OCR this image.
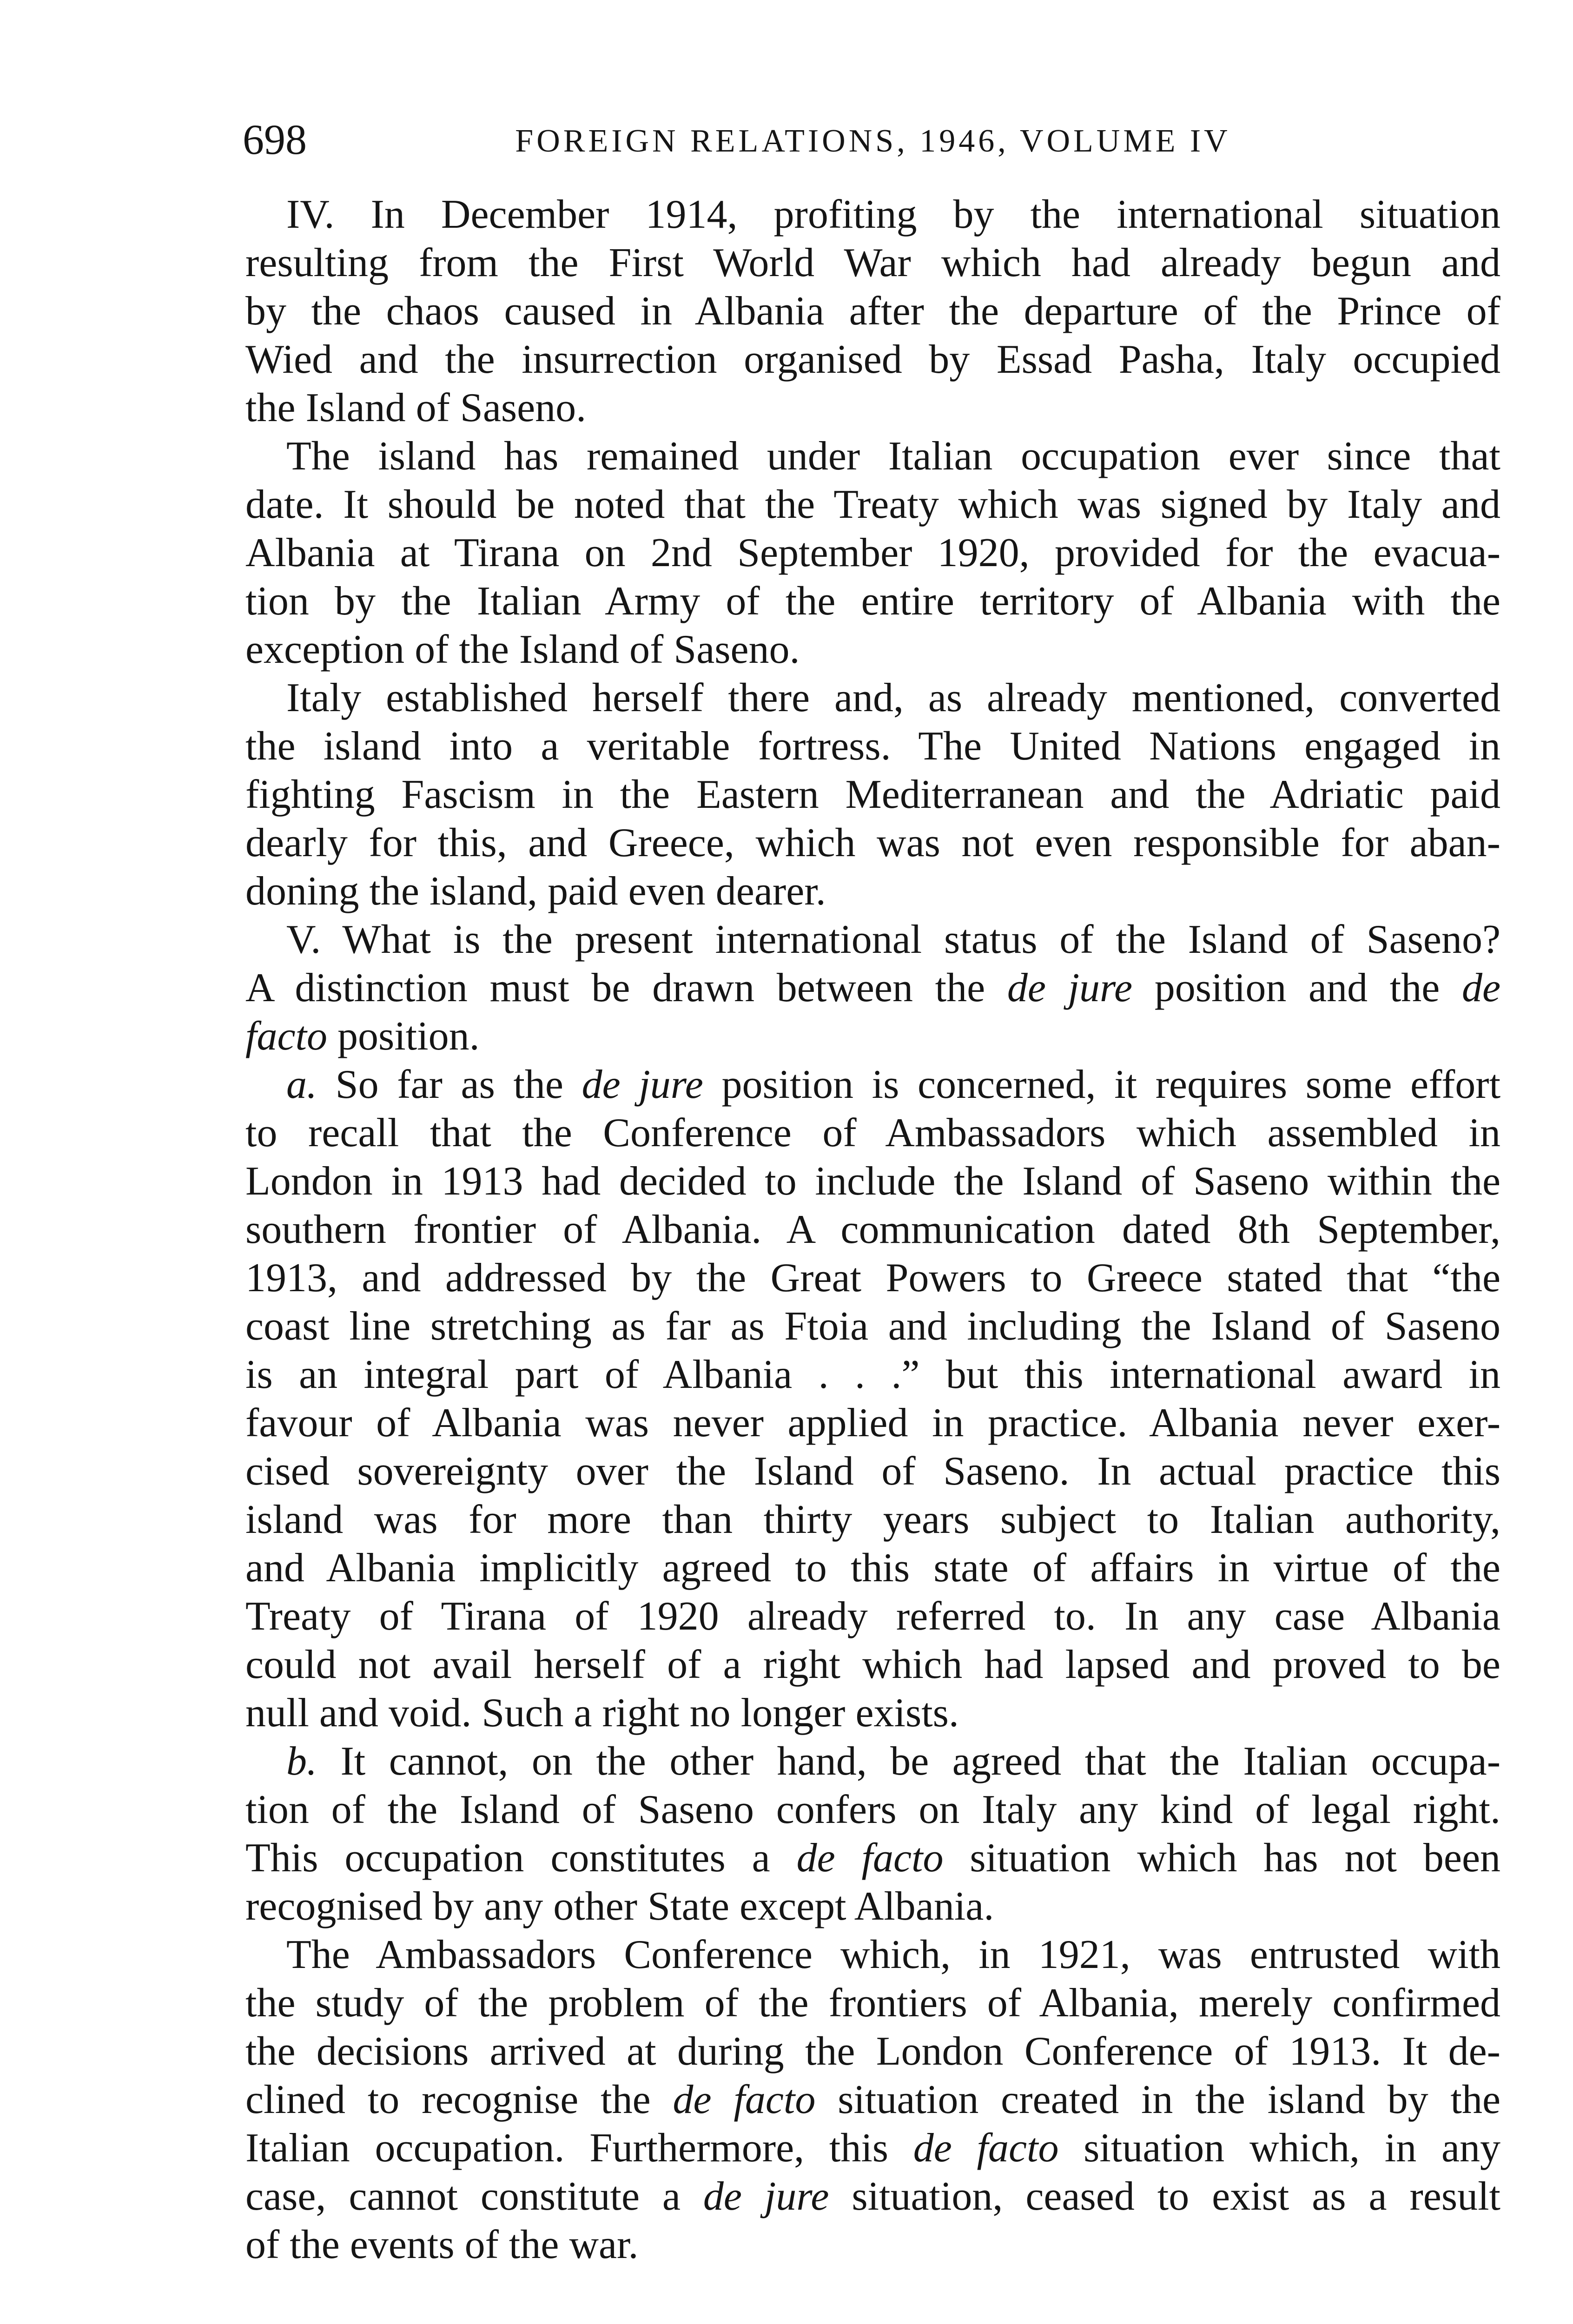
698	FOREIGN RELATIONS, 1946, VOLUME IV
IV. In December 1914, profiting by the international situation
resulting from the First World War which had already begun and
by the chaos caused in Albania after the departure of the Prince of
Wied and the insurrection organised by Essad Pasha, Italy occupied
the Island of Saseno.
The island has remained under Italian occupation ever since that
date. It should be noted that the Treaty which was signed by Italy and
Albania at Tirana on 2nd September 1920, provided for the evacua-
tion by the Italian Army of the entire territory of Albania with the
exception of the Island of Saseno.
Italy established herself there and, as already mentioned, converted
the island into a veritable fortress. The United Nations engaged in
fighting Fascism in the Eastern Mediterranean and the Adriatic paid
dearly for this, and Greece, which was not even responsible for aban-
doning the island, paid even dearer.
V. What is the present international status of the Island of Saseno?
A distinction must be drawn between the de jure position and the de
facto position.
a. So far as the de jure position is concerned, it requires some effort
to recall that the Conference of Ambassadors which assembled in
London in 1913 had decided to include the Island of Saseno within the
southern frontier of Albania. A communication dated 8th September,
1913, and addressed by the Great Powers to Greece stated that “the
coast line stretching as far as Ftoia and including the Island of Saseno
is an integral part of Albania . . .” but this international award in
favour of Albania was never applied in practice. Albania never exer-
cised sovereignty over the Island of Saseno. In actual practice this
island was for more than thirty years subject to Italian authority,
and Albania implicitly agreed to this state of affairs in virtue of the
Treaty of Tirana of 1920 already referred to. In any case Albania
could not avail herself of a right which had lapsed and proved to be
null and void. Such a right no longer exists.
b. It cannot, on the other hand, be agreed that the Italian occupa-
tion of the Island of Saseno confers on Italy any kind of legal right.
This occupation constitutes a de facto situation which has not been
recognised by any other State except Albania.
The Ambassadors Conference which, in 1921, was entrusted with
the study of the problem of the frontiers of Albania, merely confirmed
the decisions arrived at during the London Conference of 1913. It de-
clined to recognise the de facto situation created in the island by the
Italian occupation. Furthermore, this de facto situation which, in any
case, cannot constitute a de jure situation, ceased to exist as a result
of the events of the war.
